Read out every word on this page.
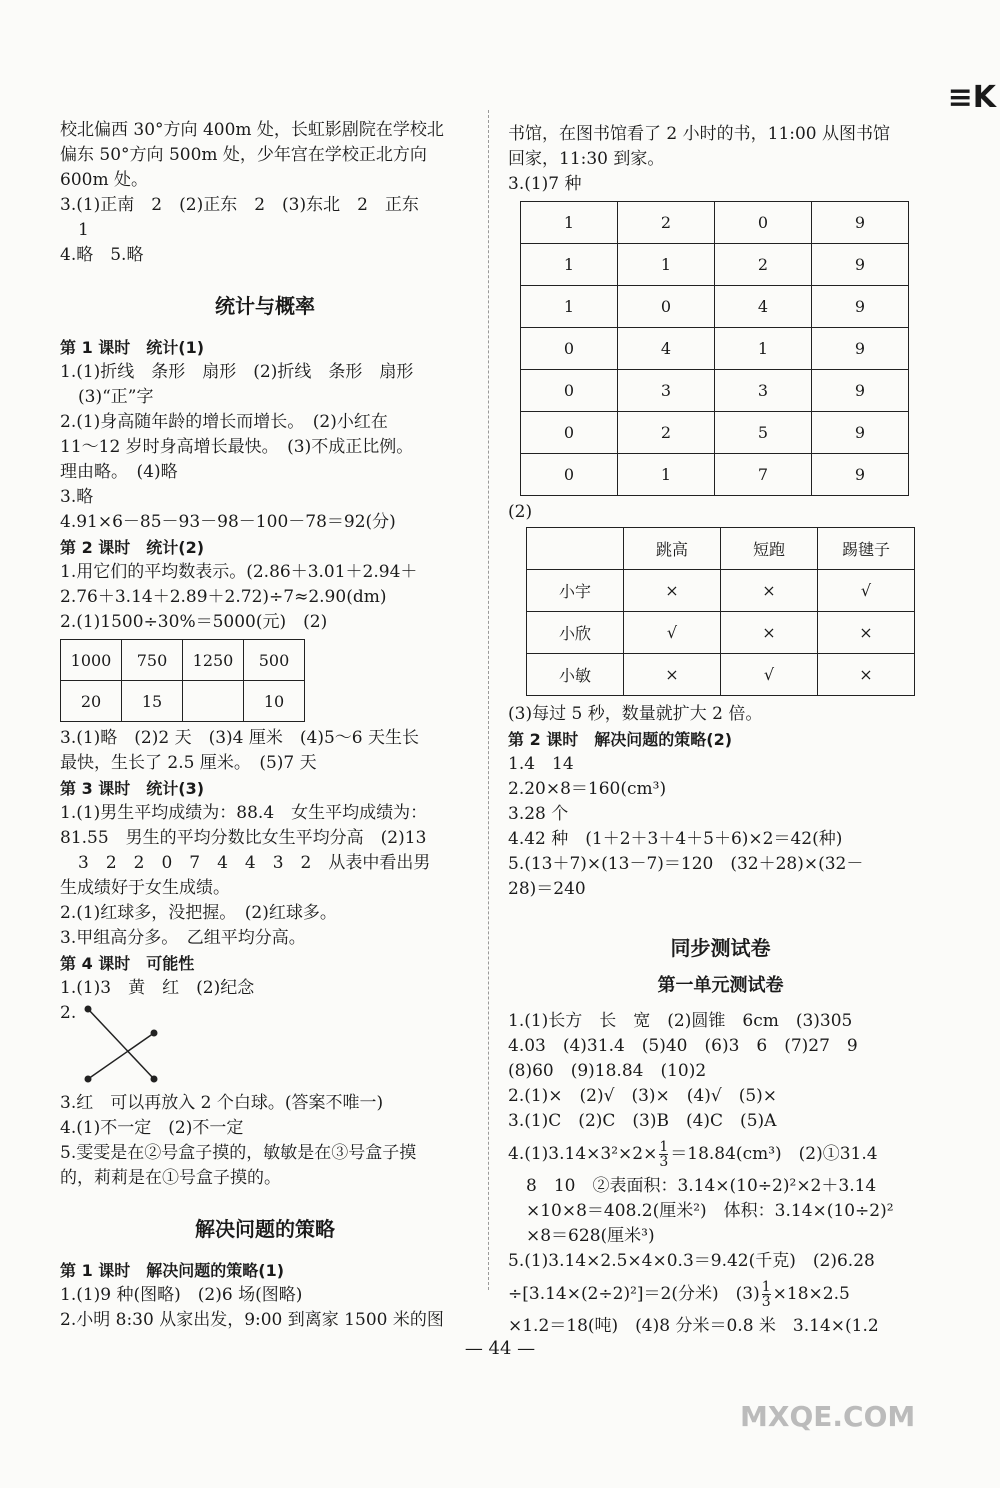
≡K
校北偏西 30°方向 400m 处，长虹影剧院在学校北
偏东 50°方向 500m 处，少年宫在学校正北方向
600m 处。
3.(1)正南　2　(2)正东　2　(3)东北　2　正东
1
4.略　5.略
统计与概率
第 1 课时　统计(1)
1.(1)折线　条形　扇形　(2)折线　条形　扇形
(3)“正”字
2.(1)身高随年龄的增长而增长。　(2)小红在
11～12 岁时身高增长最快。　(3)不成正比例。
理由略。　(4)略
3.略
4.91×6－85－93－98－100－78＝92(分)
第 2 课时　统计(2)
1.用它们的平均数表示。(2.86＋3.01＋2.94＋
2.76＋3.14＋2.89＋2.72)÷7≈2.90(dm)
2.(1)1500÷30%＝5000(元)　(2)
1000	750	1250	500
20	15		10
3.(1)略　(2)2 天　(3)4 厘米　(4)5～6 天生长
最快，生长了 2.5 厘米。　(5)7 天
第 3 课时　统计(3)
1.(1)男生平均成绩为：88.4　女生平均成绩为：
81.55　男生的平均分数比女生平均分高　(2)13
3　2　2　0　7　4　4　3　2　从表中看出男
生成绩好于女生成绩。
2.(1)红球多，没把握。　(2)红球多。
3.甲组高分多。　乙组平均分高。
第 4 课时　可能性
1.(1)3　黄　红　(2)纪念
2.
3.红　可以再放入 2 个白球。(答案不唯一)
4.(1)不一定　(2)不一定
5.雯雯是在②号盒子摸的，敏敏是在③号盒子摸
的，莉莉是在①号盒子摸的。
解决问题的策略
第 1 课时　解决问题的策略(1)
1.(1)9 种(图略)　(2)6 场(图略)
2.小明 8:30 从家出发，9:00 到离家 1500 米的图
书馆，在图书馆看了 2 小时的书，11:00 从图书馆
回家，11:30 到家。
3.(1)7 种
1	2	0	9
1	1	2	9
1	0	4	9
0	4	1	9
0	3	3	9
0	2	5	9
0	1	7	9
(2)
	跳高	短跑	踢毽子
小宇	×	×	√
小欣	√	×	×
小敏	×	√	×
(3)每过 5 秒，数量就扩大 2 倍。
第 2 课时　解决问题的策略(2)
1.4　14
2.20×8＝160(cm³)
3.28 个
4.42 种　(1＋2＋3＋4＋5＋6)×2＝42(种)
5.(13＋7)×(13－7)＝120　(32＋28)×(32－
28)＝240
同步测试卷
第一单元测试卷
1.(1)长方　长　宽　(2)圆锥　6cm　(3)305
4.03　(4)31.4　(5)40　(6)3　6　(7)27　9
(8)60　(9)18.84　(10)2
2.(1)×　(2)√　(3)×　(4)√　(5)×
3.(1)C　(2)C　(3)B　(4)C　(5)A
$4.(1)3.14\times 3^2\times 2\times \frac{1}{3} =18.84(cm^3)$　(2)①31.4
8　10　②表面积：3.14×(10÷2)²×2＋3.14
×10×8＝408.2(厘米²)　体积：3.14×(10÷2)²
×8＝628(厘米³)
5.(1)3.14×2.5×4×0.3＝9.42(千克)　(2)6.28
÷[3.14×(2÷2)²]＝2(分米)　$(3) \frac{1}{3} \times 18\times 2.5$
×1.2＝18(吨)　(4)8 分米＝0.8 米　3.14×(1.2
— 44 —
MXQE.COM
